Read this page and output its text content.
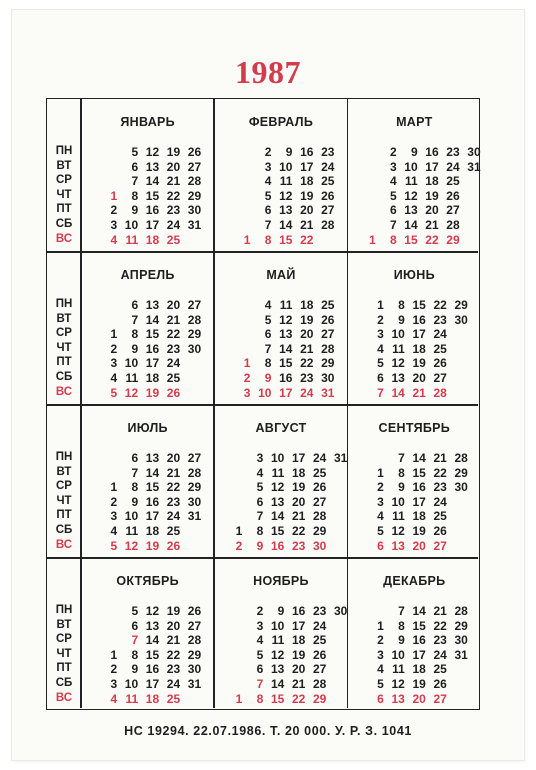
1987
ПН
ВТ
СР
ЧТ
ПТ
СБ
ВС
ЯНВАРЬ
1
2
3
4
5
6
7
8
9
10
11
12
13
14
15
16
17
18
19
20
21
22
23
24
25
26
27
28
29
30
31
ФЕВРАЛЬ
1
2
3
4
5
6
7
8
9
10
11
12
13
14
15
16
17
18
19
20
21
22
23
24
25
26
27
28
МАРТ
1
2
3
4
5
6
7
8
9
10
11
12
13
14
15
16
17
18
19
20
21
22
23
24
25
26
27
28
29
30
31
ПН
ВТ
СР
ЧТ
ПТ
СБ
ВС
АПРЕЛЬ
1
2
3
4
5
6
7
8
9
10
11
12
13
14
15
16
17
18
19
20
21
22
23
24
25
26
27
28
29
30
МАЙ
1
2
3
4
5
6
7
8
9
10
11
12
13
14
15
16
17
18
19
20
21
22
23
24
25
26
27
28
29
30
31
ИЮНЬ
1
2
3
4
5
6
7
8
9
10
11
12
13
14
15
16
17
18
19
20
21
22
23
24
25
26
27
28
29
30
ПН
ВТ
СР
ЧТ
ПТ
СБ
ВС
ИЮЛЬ
1
2
3
4
5
6
7
8
9
10
11
12
13
14
15
16
17
18
19
20
21
22
23
24
25
26
27
28
29
30
31
АВГУСТ
1
2
3
4
5
6
7
8
9
10
11
12
13
14
15
16
17
18
19
20
21
22
23
24
25
26
27
28
29
30
31
СЕНТЯБРЬ
1
2
3
4
5
6
7
8
9
10
11
12
13
14
15
16
17
18
19
20
21
22
23
24
25
26
27
28
29
30
ПН
ВТ
СР
ЧТ
ПТ
СБ
ВС
ОКТЯБРЬ
1
2
3
4
5
6
7
8
9
10
11
12
13
14
15
16
17
18
19
20
21
22
23
24
25
26
27
28
29
30
31
НОЯБРЬ
1
2
3
4
5
6
7
8
9
10
11
12
13
14
15
16
17
18
19
20
21
22
23
24
25
26
27
28
29
30
ДЕКАБРЬ
1
2
3
4
5
6
7
8
9
10
11
12
13
14
15
16
17
18
19
20
21
22
23
24
25
26
27
28
29
30
31
НС 19294. 22.07.1986. Т. 20 000. У. Р. З. 1041
